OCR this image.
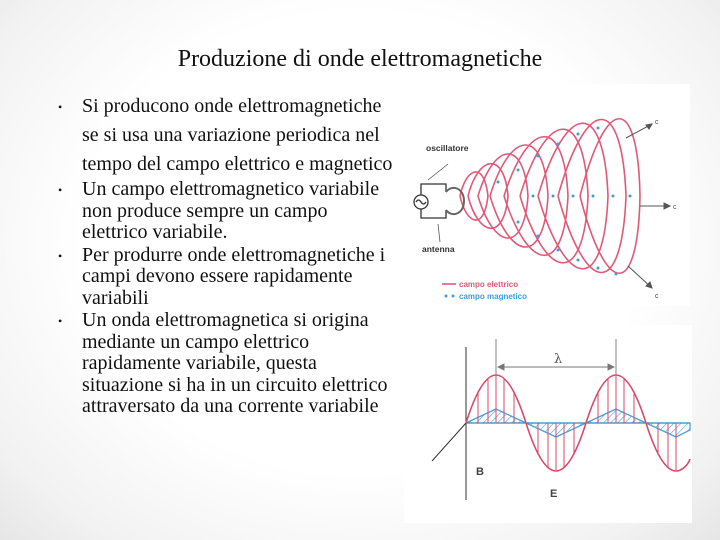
Produzione di onde elettromagnetiche
• Si producono onde elettromagnetiche se si usa una variazione periodica nel tempo del campo elettrico e magnetico
• Un campo elettromagnetico variabile non produce sempre un campo elettrico variabile.
• Per produrre onde elettromagnetiche i campi devono essere rapidamente variabili
• Un onda elettromagnetica si origina mediante un campo elettrico rapidamente variabile, questa situazione si ha in un circuito elettrico attraversato da una corrente variabile
oscillatore
antenna
c
c
c
campo elettrico
campo magnetico
λ
B
E
